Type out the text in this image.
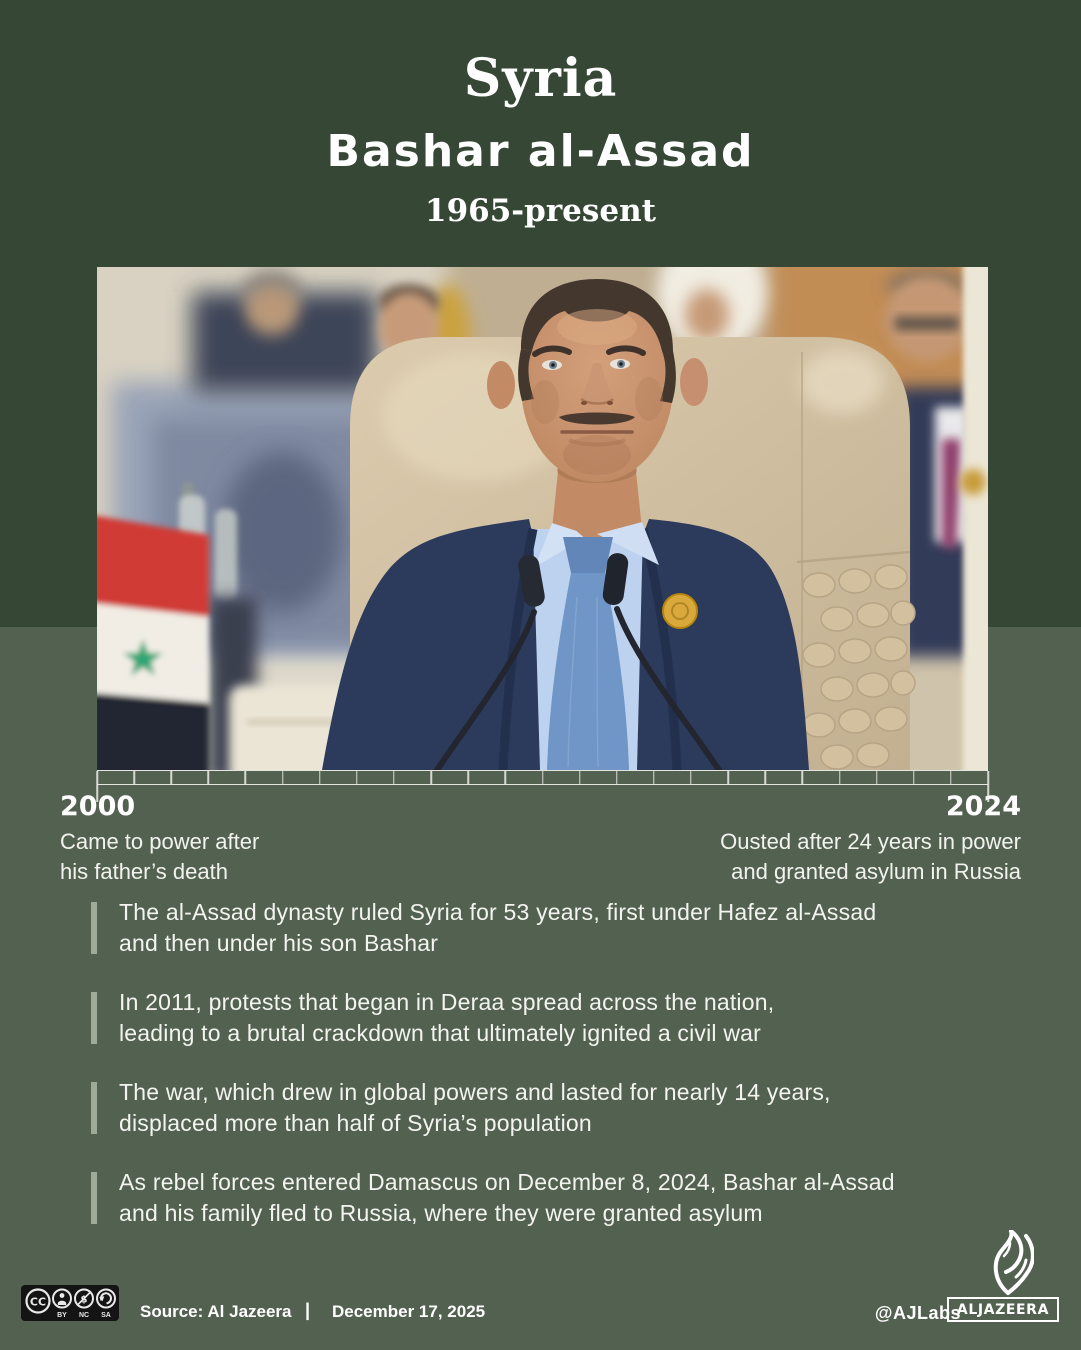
Syria
Bashar al-Assad
1965-present
2000	2024
Came to power after
his father’s death
Ousted after 24 years in power
and granted asylum in Russia
The al-Assad dynasty ruled Syria for 53 years, first under Hafez al-Assad
and then under his son Bashar
In 2011, protests that began in Deraa spread across the nation,
leading to a brutal crackdown that ultimately ignited a civil war
The war, which drew in global powers and lasted for nearly 14 years,
displaced more than half of Syria’s population
As rebel forces entered Damascus on December 8, 2024, Bashar al-Assad
and his family fled to Russia, where they were granted asylum
CC	$
BY NC SA Source: Al Jazeera | December 17, 2025	@AJLabs
ALJAZEERA
